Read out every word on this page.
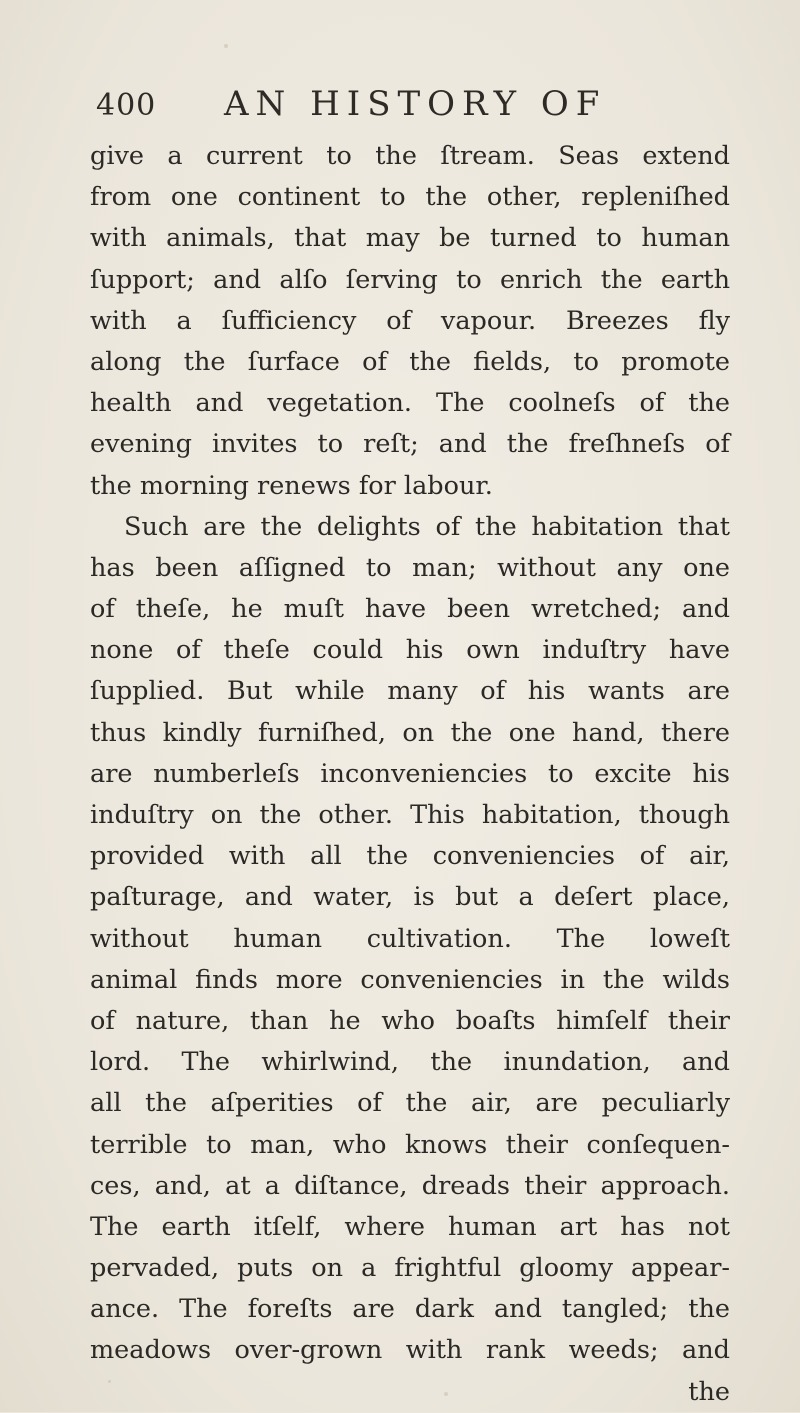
400 AN HISTORY OF
give a current to the ſtream. Seas extend
from one continent to the other, repleniſhed
with animals, that may be turned to human
ſupport; and alſo ſerving to enrich the earth
with a ſufficiency of vapour. Breezes fly
along the ſurface of the fields, to promote
health and vegetation. The coolneſs of the
evening invites to reſt; and the freſhneſs of
the morning renews for labour.
Such are the delights of the habitation that
has been aſſigned to man; without any one
of theſe, he muſt have been wretched; and
none of theſe could his own induſtry have
ſupplied. But while many of his wants are
thus kindly furniſhed, on the one hand, there
are numberleſs inconveniencies to excite his
induſtry on the other. This habitation, though
provided with all the conveniencies of air,
paſturage, and water, is but a deſert place,
without human cultivation. The loweſt
animal finds more conveniencies in the wilds
of nature, than he who boaſts himſelf their
lord. The whirlwind, the inundation, and
all the aſperities of the air, are peculiarly
terrible to man, who knows their conſequen-
ces, and, at a diſtance, dreads their approach.
The earth itſelf, where human art has not
pervaded, puts on a frightful gloomy appear-
ance. The foreſts are dark and tangled; the
meadows over-grown with rank weeds; and
the
